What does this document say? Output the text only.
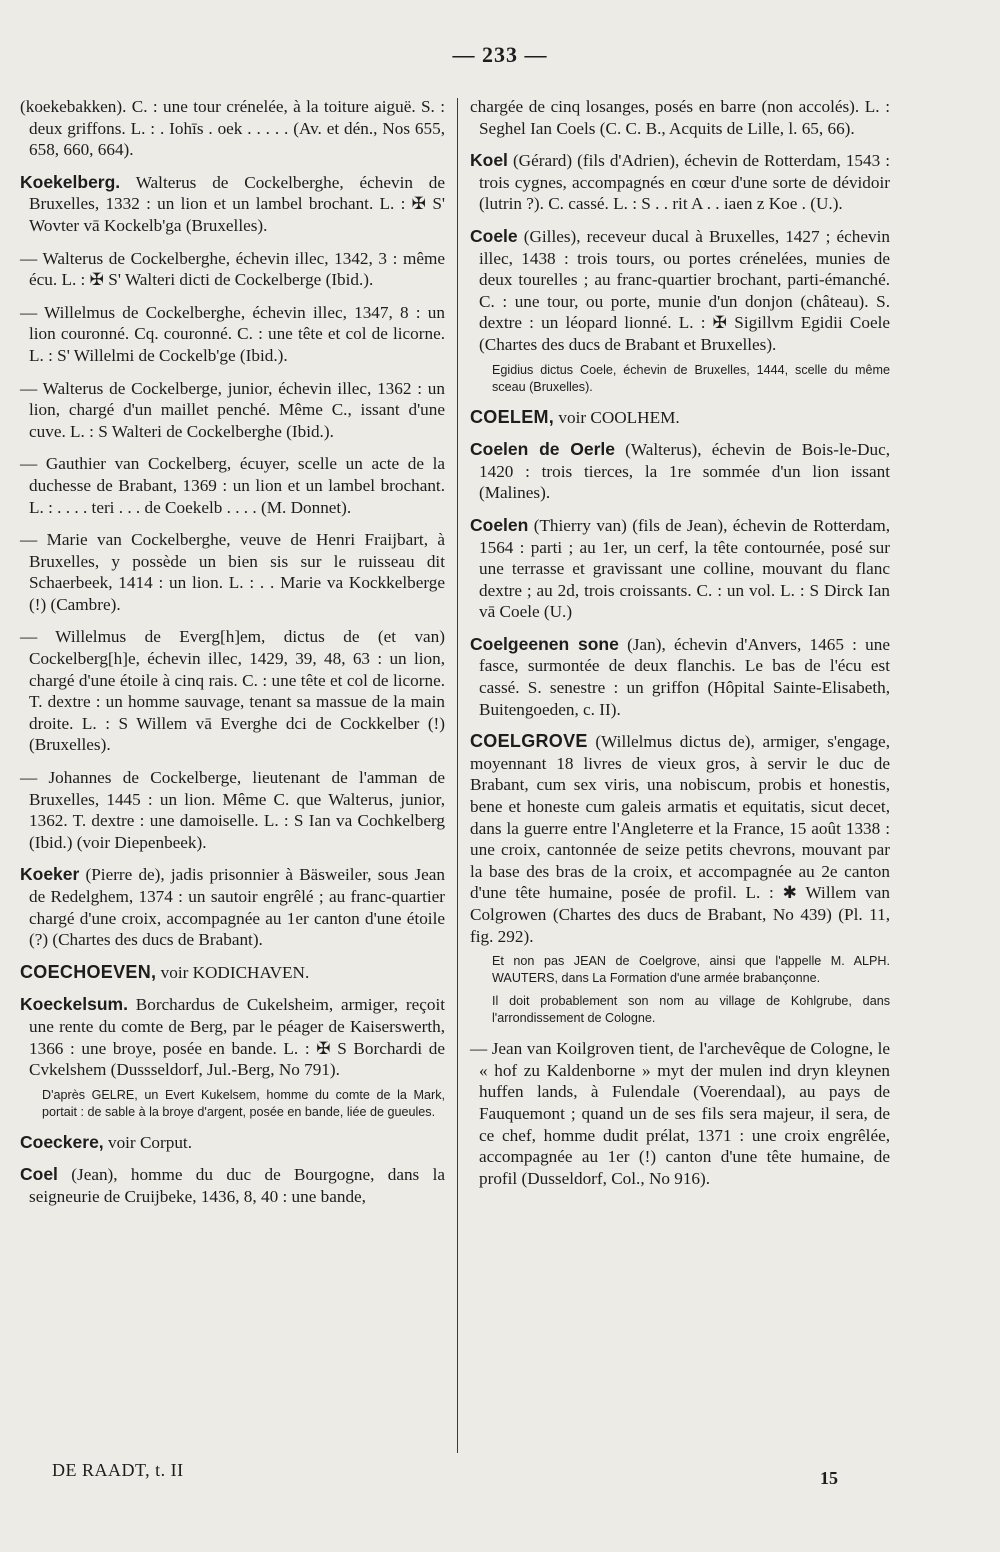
— 233 —

(koekebakken). C. : une tour crénelée, à la toiture aiguë. S. : deux griffons. L. : . Iohīs . oek . . . . . (Av. et dén., Nos 655, 658, 660, 664).

Koekelberg. Walterus de Cockelberghe, échevin de Bruxelles, 1332 : un lion et un lambel brochant. L. : ✠ S' Wovter vā Kockelb'ga (Bruxelles).

— Walterus de Cockelberghe, échevin illec, 1342, 3 : même écu. L. : ✠ S' Walteri dicti de Cockelberge (Ibid.).

— Willelmus de Cockelberghe, échevin illec, 1347, 8 : un lion couronné. Cq. couronné. C. : une tête et col de licorne. L. : S' Willelmi de Cockelb'ge (Ibid.).

— Walterus de Cockelberge, junior, échevin illec, 1362 : un lion, chargé d'un maillet penché. Même C., issant d'une cuve. L. : S Walteri de Cockelberghe (Ibid.).

— Gauthier van Cockelberg, écuyer, scelle un acte de la duchesse de Brabant, 1369 : un lion et un lambel brochant. L. : . . . . teri . . . de Coekelb . . . . (M. Donnet).

— Marie van Cockelberghe, veuve de Henri Fraijbart, à Bruxelles, y possède un bien sis sur le ruisseau dit Schaerbeek, 1414 : un lion. L. : . . Marie va Kockkelberge (!) (Cambre).

— Willelmus de Everg[h]em, dictus de (et van) Cockelberg[h]e, échevin illec, 1429, 39, 48, 63 : un lion, chargé d'une étoile à cinq rais. C. : une tête et col de licorne. T. dextre : un homme sauvage, tenant sa massue de la main droite. L. : S Willem vā Everghe dci de Cockkelber (!) (Bruxelles).

— Johannes de Cockelberge, lieutenant de l'amman de Bruxelles, 1445 : un lion. Même C. que Walterus, junior, 1362. T. dextre : une damoiselle. L. : S Ian va Cochkelberg (Ibid.) (voir Diepenbeek).

Koeker (Pierre de), jadis prisonnier à Bäsweiler, sous Jean de Redelghem, 1374 : un sautoir engrêlé ; au franc-quartier chargé d'une croix, accompagnée au 1er canton d'une étoile (?) (Chartes des ducs de Brabant).

COECHOEVEN, voir KODICHAVEN.

Koeckelsum. Borchardus de Cukelsheim, armiger, reçoit une rente du comte de Berg, par le péager de Kaiserswerth, 1366 : une broye, posée en bande. L. : ✠ S Borchardi de Cvkelshem (Dussseldorf, Jul.-Berg, No 791).

D'après GELRE, un Evert Kukelsem, homme du comte de la Mark, portait : de sable à la broye d'argent, posée en bande, liée de gueules.

Coeckere, voir Corput.

Coel (Jean), homme du duc de Bourgogne, dans la seigneurie de Cruijbeke, 1436, 8, 40 : une bande,

chargée de cinq losanges, posés en barre (non accolés). L. : Seghel Ian Coels (C. C. B., Acquits de Lille, l. 65, 66).

Koel (Gérard) (fils d'Adrien), échevin de Rotterdam, 1543 : trois cygnes, accompagnés en cœur d'une sorte de dévidoir (lutrin ?). C. cassé. L. : S . . rit A . . iaen z Koe . (U.).

Coele (Gilles), receveur ducal à Bruxelles, 1427 ; échevin illec, 1438 : trois tours, ou portes crénelées, munies de deux tourelles ; au franc-quartier brochant, parti-émanché. C. : une tour, ou porte, munie d'un donjon (château). S. dextre : un léopard lionné. L. : ✠ Sigillvm Egidii Coele (Chartes des ducs de Brabant et Bruxelles).

Egidius dictus Coele, échevin de Bruxelles, 1444, scelle du même sceau (Bruxelles).

COELEM, voir COOLHEM.

Coelen de Oerle (Walterus), échevin de Bois-le-Duc, 1420 : trois tierces, la 1re sommée d'un lion issant (Malines).

Coelen (Thierry van) (fils de Jean), échevin de Rotterdam, 1564 : parti ; au 1er, un cerf, la tête contournée, posé sur une terrasse et gravissant une colline, mouvant du flanc dextre ; au 2d, trois croissants. C. : un vol. L. : S Dirck Ian vā Coele (U.)

Coelgeenen sone (Jan), échevin d'Anvers, 1465 : une fasce, surmontée de deux flanchis. Le bas de l'écu est cassé. S. senestre : un griffon (Hôpital Sainte-Elisabeth, Buitengoeden, c. II).

COELGROVE (Willelmus dictus de), armiger, s'engage, moyennant 18 livres de vieux gros, à servir le duc de Brabant, cum sex viris, una nobiscum, probis et honestis, bene et honeste cum galeis armatis et equitatis, sicut decet, dans la guerre entre l'Angleterre et la France, 15 août 1338 : une croix, cantonnée de seize petits chevrons, mouvant par la base des bras de la croix, et accompagnée au 2e canton d'une tête humaine, posée de profil. L. : ✱ Willem van Colgrowen (Chartes des ducs de Brabant, No 439) (Pl. 11, fig. 292).

Et non pas JEAN de Coelgrove, ainsi que l'appelle M. ALPH. WAUTERS, dans La Formation d'une armée brabançonne.

Il doit probablement son nom au village de Kohlgrube, dans l'arrondissement de Cologne.

— Jean van Koilgroven tient, de l'archevêque de Cologne, le « hof zu Kaldenborne » myt der mulen ind dryn kleynen huffen lands, à Fulendale (Voerendaal), au pays de Fauquemont ; quand un de ses fils sera majeur, il sera, de ce chef, homme dudit prélat, 1371 : une croix engrêlée, accompagnée au 1er (!) canton d'une tête humaine, de profil (Dusseldorf, Col., No 916).

DE RAADT, t. II	15
